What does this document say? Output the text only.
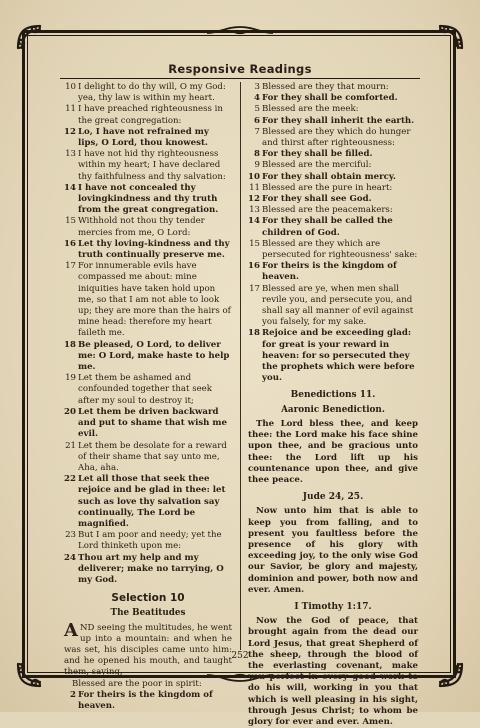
Responsive Readings
10 I delight to do thy will, O my God: yea, thy law is within my heart.
11 I have preached righteousness in the great congregation:
12 Lo, I have not refrained my lips, O Lord, thou knowest.
13 I have not hid thy righteousness within my heart; I have declared thy faithfulness and thy salvation:
14 I have not concealed thy lovingkindness and thy truth from the great congregation.
15 Withhold not thou thy tender mercies from me, O Lord:
16 Let thy loving-kindness and thy truth continually preserve me.
17 For innumerable evils have compassed me about: mine iniquities have taken hold upon me, so that I am not able to look up; they are more than the hairs of mine head: therefore my heart faileth me.
18 Be pleased, O Lord, to deliver me: O Lord, make haste to help me.
19 Let them be ashamed and confounded together that seek after my soul to destroy it;
20 Let them be driven backward and put to shame that wish me evil.
21 Let them be desolate for a reward of their shame that say unto me, Aha, aha.
22 Let all those that seek thee rejoice and be glad in thee: let such as love thy salvation say continually, The Lord be magnified.
23 But I am poor and needy; yet the Lord thinketh upon me:
24 Thou art my help and my deliverer; make no tarrying, O my God.
Selection 10
The Beatitudes
AND seeing the multitudes, he went up into a mountain: and when he was set, his disciples came unto him: and he opened his mouth, and taught them, saying,
Blessed are the poor in spirit:
2 For theirs is the kingdom of heaven.
3 Blessed are they that mourn:
4 For they shall be comforted.
5 Blessed are the meek:
6 For they shall inherit the earth.
7 Blessed are they which do hunger and thirst after righteousness:
8 For they shall be filled.
9 Blessed are the merciful:
10 For they shall obtain mercy.
11 Blessed are the pure in heart:
12 For they shall see God.
13 Blessed are the peacemakers:
14 For they shall be called the children of God.
15 Blessed are they which are persecuted for righteousness' sake:
16 For theirs is the kingdom of heaven.
17 Blessed are ye, when men shall revile you, and persecute you, and shall say all manner of evil against you falsely, for my sake.
18 Rejoice and be exceeding glad: for great is your reward in heaven: for so persecuted they the prophets which were before you.
Benedictions 11.
Aaronic Benediction.
The Lord bless thee, and keep thee: the Lord make his face shine upon thee, and be gracious unto thee: the Lord lift up his countenance upon thee, and give thee peace.
Jude 24, 25.
Now unto him that is able to keep you from falling, and to present you faultless before the presence of his glory with exceeding joy, to the only wise God our Savior, be glory and majesty, dominion and power, both now and ever. Amen.
I Timothy 1:17.
Now the God of peace, that brought again from the dead our Lord Jesus, that great Shepherd of the sheep, through the blood of the everlasting covenant, make you perfect in every good work to do his will, working in you that which is well pleasing in his sight, through Jesus Christ; to whom be glory for ever and ever. Amen.
252
